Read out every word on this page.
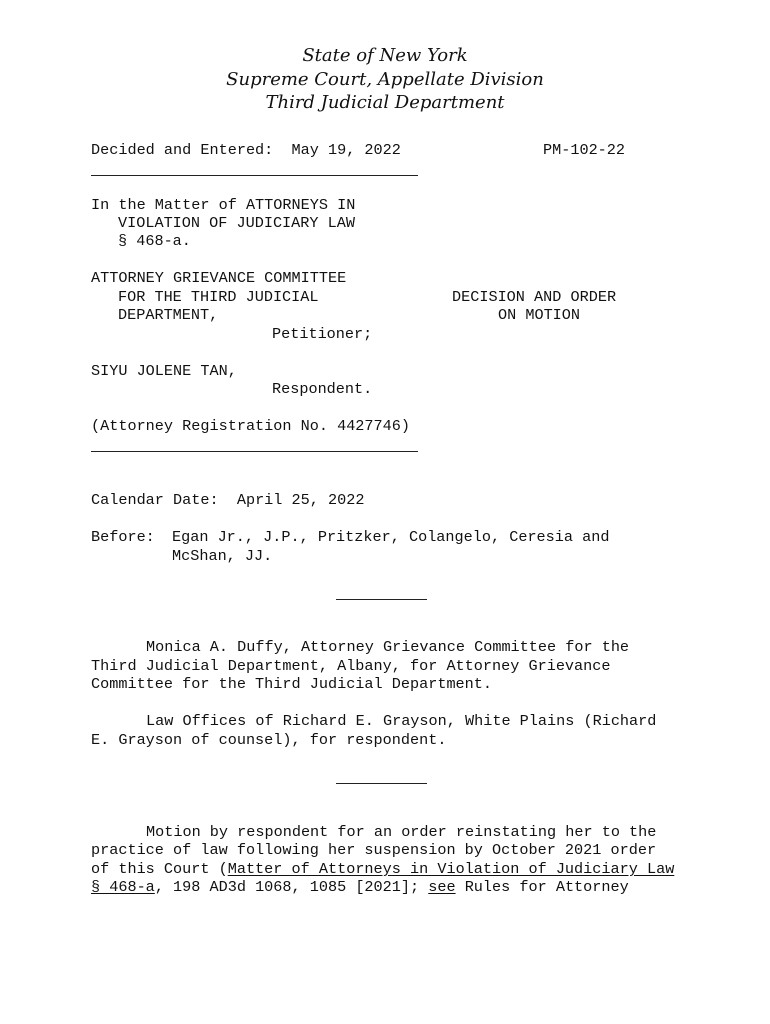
State of New York
Supreme Court, Appellate Division
Third Judicial Department
Decided and Entered: May 19, 2022	PM-102-22
In the Matter of ATTORNEYS IN
VIOLATION OF JUDICIARY LAW
§ 468-a.
ATTORNEY GRIEVANCE COMMITTEE
FOR THE THIRD JUDICIAL
DEPARTMENT,
Petitioner;
DECISION AND ORDER
ON MOTION
SIYU JOLENE TAN,
Respondent.
(Attorney Registration No. 4427746)
Calendar Date: April 25, 2022
Before: Egan Jr., J.P., Pritzker, Colangelo, Ceresia and
McShan, JJ.
Monica A. Duffy, Attorney Grievance Committee for the
Third Judicial Department, Albany, for Attorney Grievance
Committee for the Third Judicial Department.
Law Offices of Richard E. Grayson, White Plains (Richard
E. Grayson of counsel), for respondent.
Motion by respondent for an order reinstating her to the
practice of law following her suspension by October 2021 order
of this Court (Matter of Attorneys in Violation of Judiciary Law
§ 468-a, 198 AD3d 1068, 1085 [2021]; see Rules for Attorney
